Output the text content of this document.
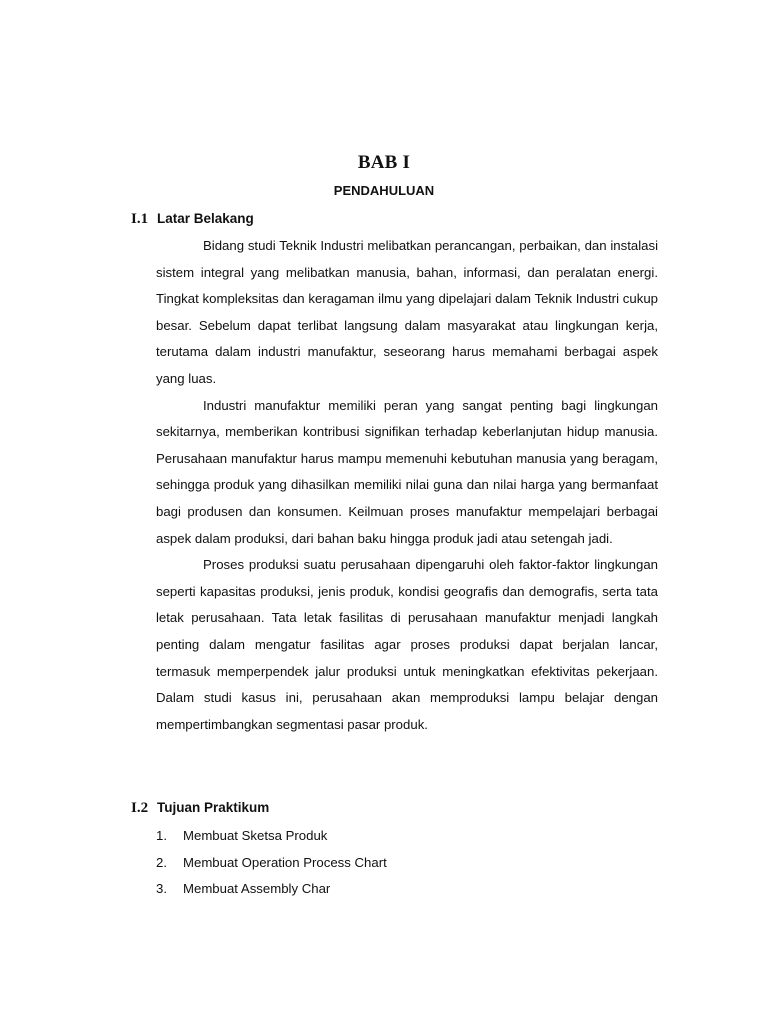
BAB I
PENDAHULUAN
I.1 Latar Belakang

Bidang studi Teknik Industri melibatkan perancangan, perbaikan, dan instalasi sistem integral yang melibatkan manusia, bahan, informasi, dan peralatan energi. Tingkat kompleksitas dan keragaman ilmu yang dipelajari dalam Teknik Industri cukup besar. Sebelum dapat terlibat langsung dalam masyarakat atau lingkungan kerja, terutama dalam industri manufaktur, seseorang harus memahami berbagai aspek yang luas.

Industri manufaktur memiliki peran yang sangat penting bagi lingkungan sekitarnya, memberikan kontribusi signifikan terhadap keberlanjutan hidup manusia. Perusahaan manufaktur harus mampu memenuhi kebutuhan manusia yang beragam, sehingga produk yang dihasilkan memiliki nilai guna dan nilai harga yang bermanfaat bagi produsen dan konsumen. Keilmuan proses manufaktur mempelajari berbagai aspek dalam produksi, dari bahan baku hingga produk jadi atau setengah jadi.

Proses produksi suatu perusahaan dipengaruhi oleh faktor-faktor lingkungan seperti kapasitas produksi, jenis produk, kondisi geografis dan demografis, serta tata letak perusahaan. Tata letak fasilitas di perusahaan manufaktur menjadi langkah penting dalam mengatur fasilitas agar proses produksi dapat berjalan lancar, termasuk memperpendek jalur produksi untuk meningkatkan efektivitas pekerjaan. Dalam studi kasus ini, perusahaan akan memproduksi lampu belajar dengan mempertimbangkan segmentasi pasar produk.

I.2 Tujuan Praktikum
1. Membuat Sketsa Produk
2. Membuat Operation Process Chart
3. Membuat Assembly Char
